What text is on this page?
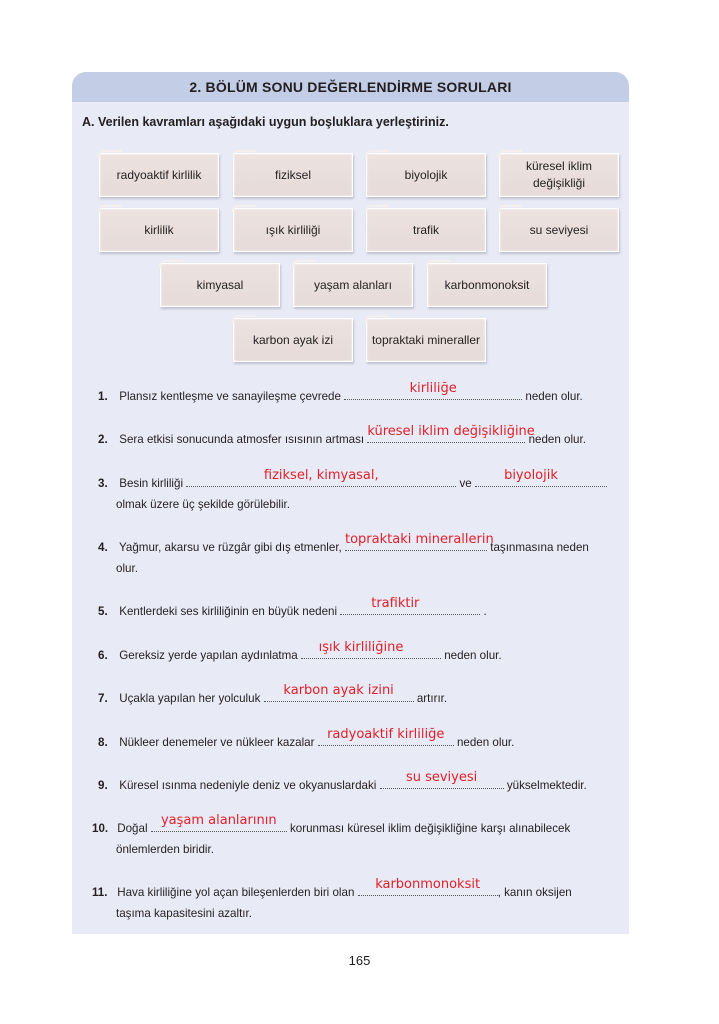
2. BÖLÜM SONU DEĞERLENDİRME SORULARI
A. Verilen kavramları aşağıdaki uygun boşluklara yerleştiriniz.
radyoaktif kirlilik	fiziksel	biyolojik
küresel iklim değişikliği
kirlilik	ışık kirliliği	trafik	su seviyesi
kimyasal	yaşam alanları	karbonmonoksit
karbon ayak izi	topraktaki mineraller
1. Plansız kentleşme ve sanayileşme çevrede
kirliliğe
neden olur.
2. Sera etkisi sonucunda atmosfer ısısının artması
küresel iklim değişikliğine
neden olur.
3. Besin kirliliği
fiziksel, kimyasal,
ve
biyolojik
olmak üzere üç şekilde görülebilir.
4. Yağmur, akarsu ve rüzgâr gibi dış etmenler,
topraktaki minerallerin
taşınmasına neden
olur.
5. Kentlerdeki ses kirliliğinin en büyük nedeni
trafiktir
.
6. Gereksiz yerde yapılan aydınlatma
ışık kirliliğine
neden olur.
7. Uçakla yapılan her yolculuk
karbon ayak izini
artırır.
8. Nükleer denemeler ve nükleer kazalar
radyoaktif kirliliğe
neden olur.
9. Küresel ısınma nedeniyle deniz ve okyanuslardaki
su seviyesi
yükselmektedir.
10. Doğal
yaşam alanlarının
korunması küresel iklim değişikliğine karşı alınabilecek
önlemlerden biridir.
11. Hava kirliliğine yol açan bileşenlerden biri olan
karbonmonoksit
, kanın oksijen
taşıma kapasitesini azaltır.
165
